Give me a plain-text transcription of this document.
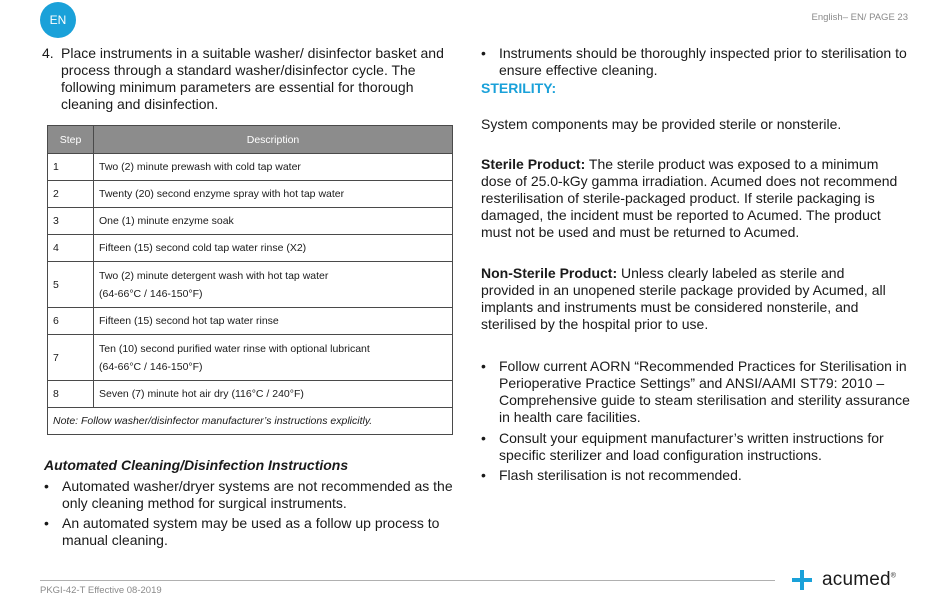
EN	English– EN/ PAGE 23
4. Place instruments in a suitable washer/ disinfector basket and process through a standard washer/disinfector cycle. The following minimum parameters are essential for thorough cleaning and disinfection.
Step	Description
1	Two (2) minute prewash with cold tap water
2	Twenty (20) second enzyme spray with hot tap water
3	One (1) minute enzyme soak
4	Fifteen (15) second cold tap water rinse (X2)
5	Two (2) minute detergent wash with hot tap water
(64-66°C / 146-150°F)

6	Fifteen (15) second hot tap water rinse
7	Ten (10) second purified water rinse with optional lubricant
(64-66°C / 146-150°F)

8	Seven (7) minute hot air dry (116°C / 240°F)
Note: Follow washer/disinfector manufacturer’s instructions explicitly.	
Automated Cleaning/Disinfection Instructions
• Automated washer/dryer systems are not recommended as the only cleaning method for surgical instruments.
• An automated system may be used as a follow up process to manual cleaning.
• Instruments should be thoroughly inspected prior to sterilisation to ensure effective cleaning.
STERILITY:
System components may be provided sterile or nonsterile.
Sterile Product: The sterile product was exposed to a minimum dose of 25.0-kGy gamma irradiation. Acumed does not recommend resterilisation of sterile-packaged product. If sterile packaging is damaged, the incident must be reported to Acumed. The product must not be used and must be returned to Acumed.
Non-Sterile Product: Unless clearly labeled as sterile and provided in an unopened sterile package provided by Acumed, all implants and instruments must be considered nonsterile, and sterilised by the hospital prior to use.
• Follow current AORN “Recommended Practices for Sterilisation in Perioperative Practice Settings” and ANSI/AAMI ST79: 2010 – Comprehensive guide to steam sterilisation and sterility assurance in health care facilities.
• Consult your equipment manufacturer’s written instructions for specific sterilizer and load configuration instructions.
• Flash sterilisation is not recommended.
PKGI-42-T Effective 08-2019
acumed®
